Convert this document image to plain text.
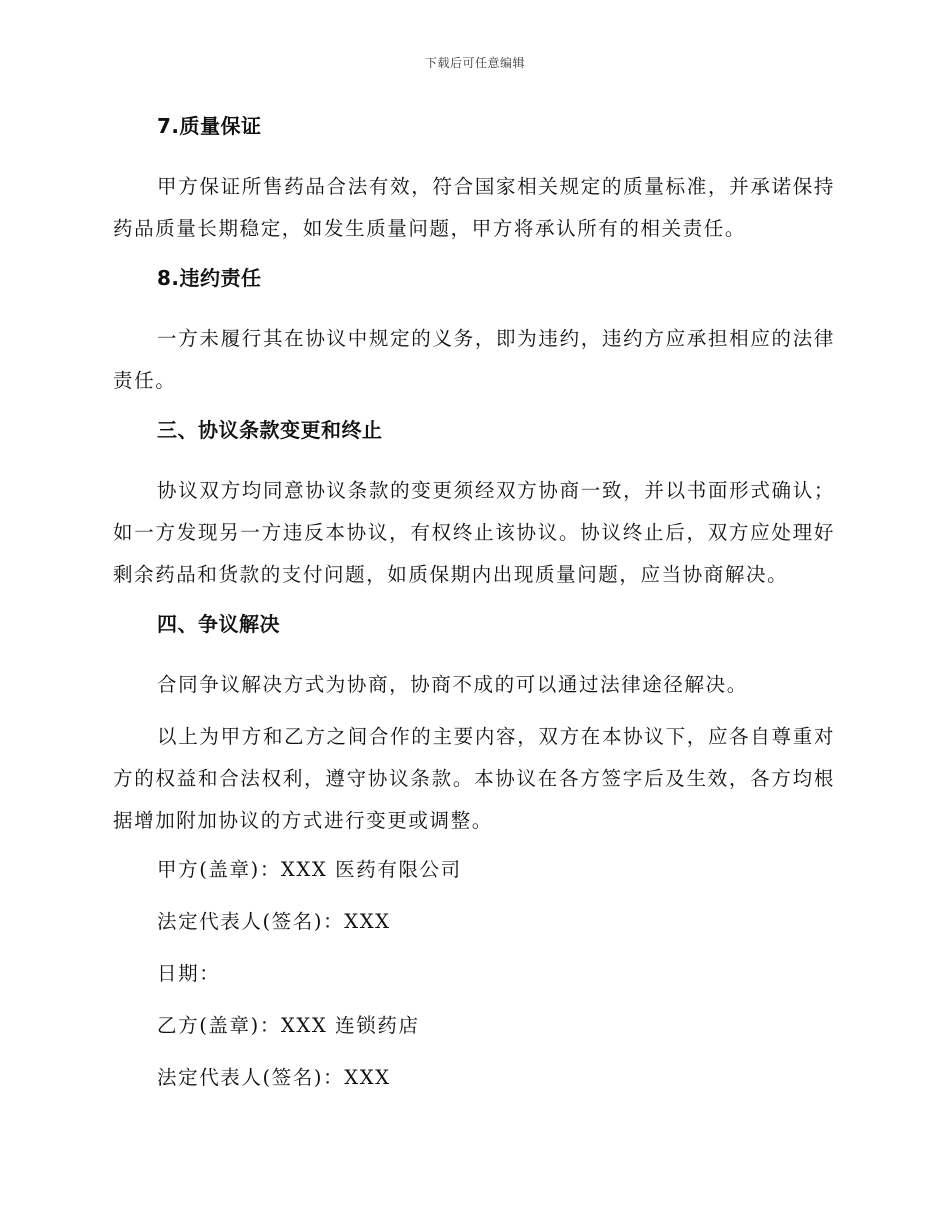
下载后可任意编辑
7.质量保证

甲方保证所售药品合法有效，符合国家相关规定的质量标准，并承诺保持药品质量长期稳定，如发生质量问题，甲方将承认所有的相关责任。

8.违约责任

一方未履行其在协议中规定的义务，即为违约，违约方应承担相应的法律责任。

三、协议条款变更和终止

协议双方均同意协议条款的变更须经双方协商一致，并以书面形式确认；如一方发现另一方违反本协议，有权终止该协议。协议终止后，双方应处理好剩余药品和货款的支付问题，如质保期内出现质量问题，应当协商解决。

四、争议解决

合同争议解决方式为协商，协商不成的可以通过法律途径解决。

以上为甲方和乙方之间合作的主要内容，双方在本协议下，应各自尊重对方的权益和合法权利，遵守协议条款。本协议在各方签字后及生效，各方均根据增加附加协议的方式进行变更或调整。

甲方(盖章)：XXX 医药有限公司
法定代表人(签名)：XXX
日期：
乙方(盖章)：XXX 连锁药店
法定代表人(签名)：XXX
